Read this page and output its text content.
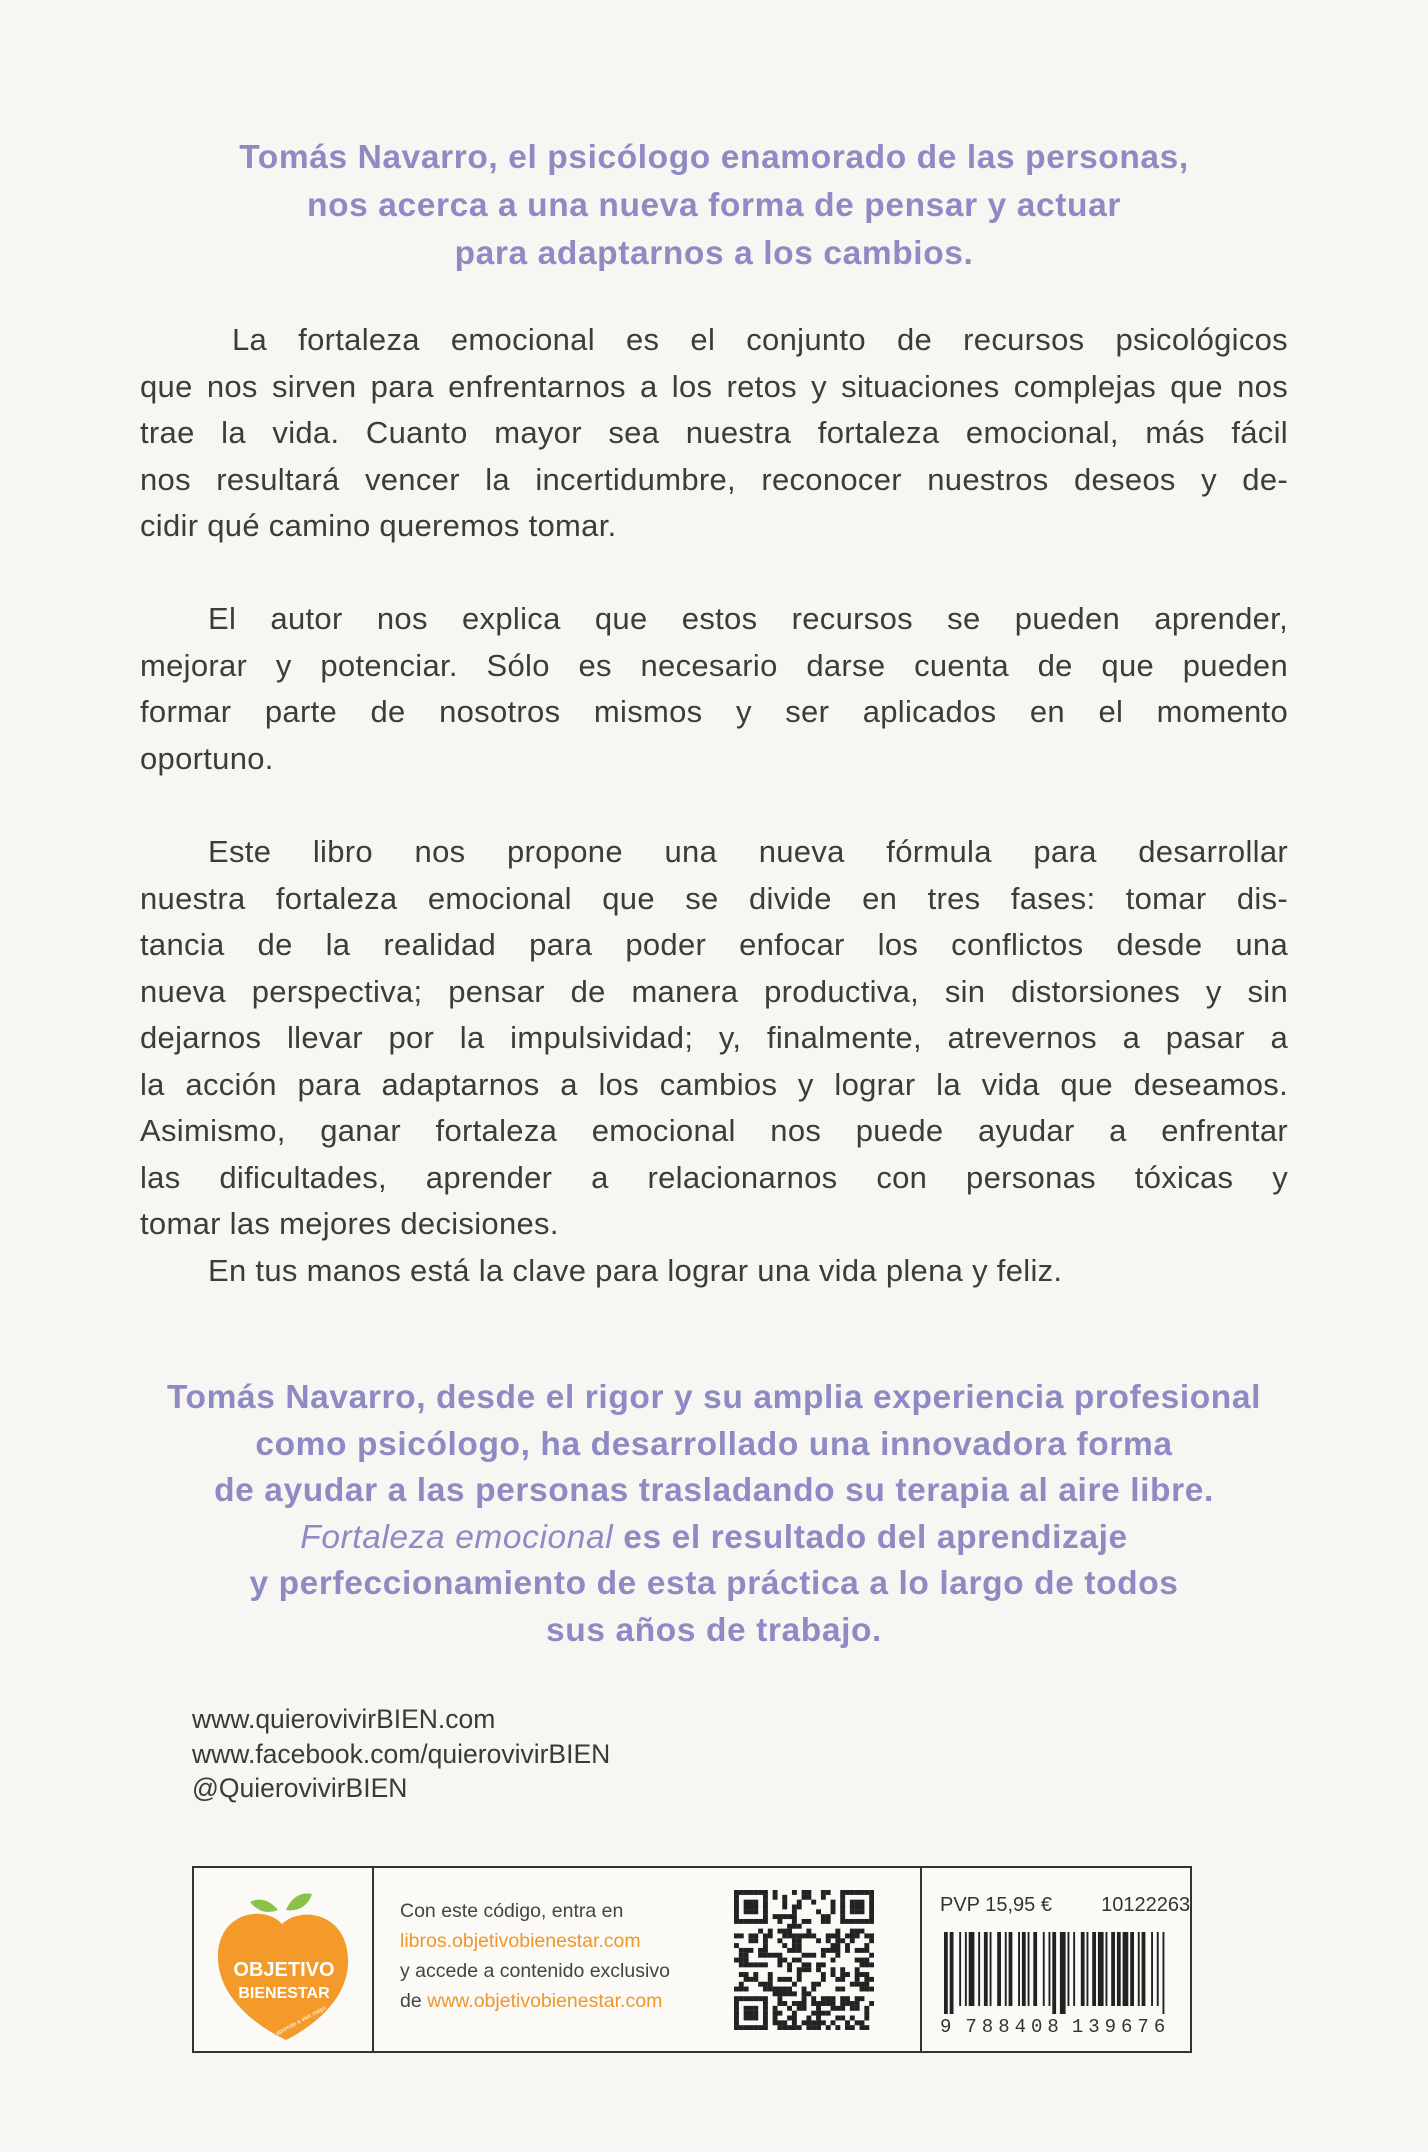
Tomás Navarro, el psicólogo enamorado de las personas,
nos acerca a una nueva forma de pensar y actuar
para adaptarnos a los cambios.
La fortaleza emocional es el conjunto de recursos psicológicos
que nos sirven para enfrentarnos a los retos y situaciones complejas que nos
trae la vida. Cuanto mayor sea nuestra fortaleza emocional, más fácil
nos resultará vencer la incertidumbre, reconocer nuestros deseos y de-
cidir qué camino queremos tomar.
El autor nos explica que estos recursos se pueden aprender,
mejorar y potenciar. Sólo es necesario darse cuenta de que pueden
formar parte de nosotros mismos y ser aplicados en el momento
oportuno.
Este libro nos propone una nueva fórmula para desarrollar
nuestra fortaleza emocional que se divide en tres fases: tomar dis-
tancia de la realidad para poder enfocar los conflictos desde una
nueva perspectiva; pensar de manera productiva, sin distorsiones y sin
dejarnos llevar por la impulsividad; y, finalmente, atrevernos a pasar a
la acción para adaptarnos a los cambios y lograr la vida que deseamos.
Asimismo, ganar fortaleza emocional nos puede ayudar a enfrentar
las dificultades, aprender a relacionarnos con personas tóxicas y
tomar las mejores decisiones.
En tus manos está la clave para lograr una vida plena y feliz.
Tomás Navarro, desde el rigor y su amplia experiencia profesional
como psicólogo, ha desarrollado una innovadora forma
de ayudar a las personas trasladando su terapia al aire libre.
Fortaleza emocional es el resultado del aprendizaje
y perfeccionamiento de esta práctica a lo largo de todos
sus años de trabajo.
www.quierovivirBIEN.com
www.facebook.com/quierovivirBIEN
@QuierovivirBIEN
OBJETIVO
BIENESTAR
aprende a vivir mejor
Con este código, entra en
libros.objetivobienestar.com
y accede a contenido exclusivo
de www.objetivobienestar.com
PVP 15,95 € 10122263
9 788408 139676
